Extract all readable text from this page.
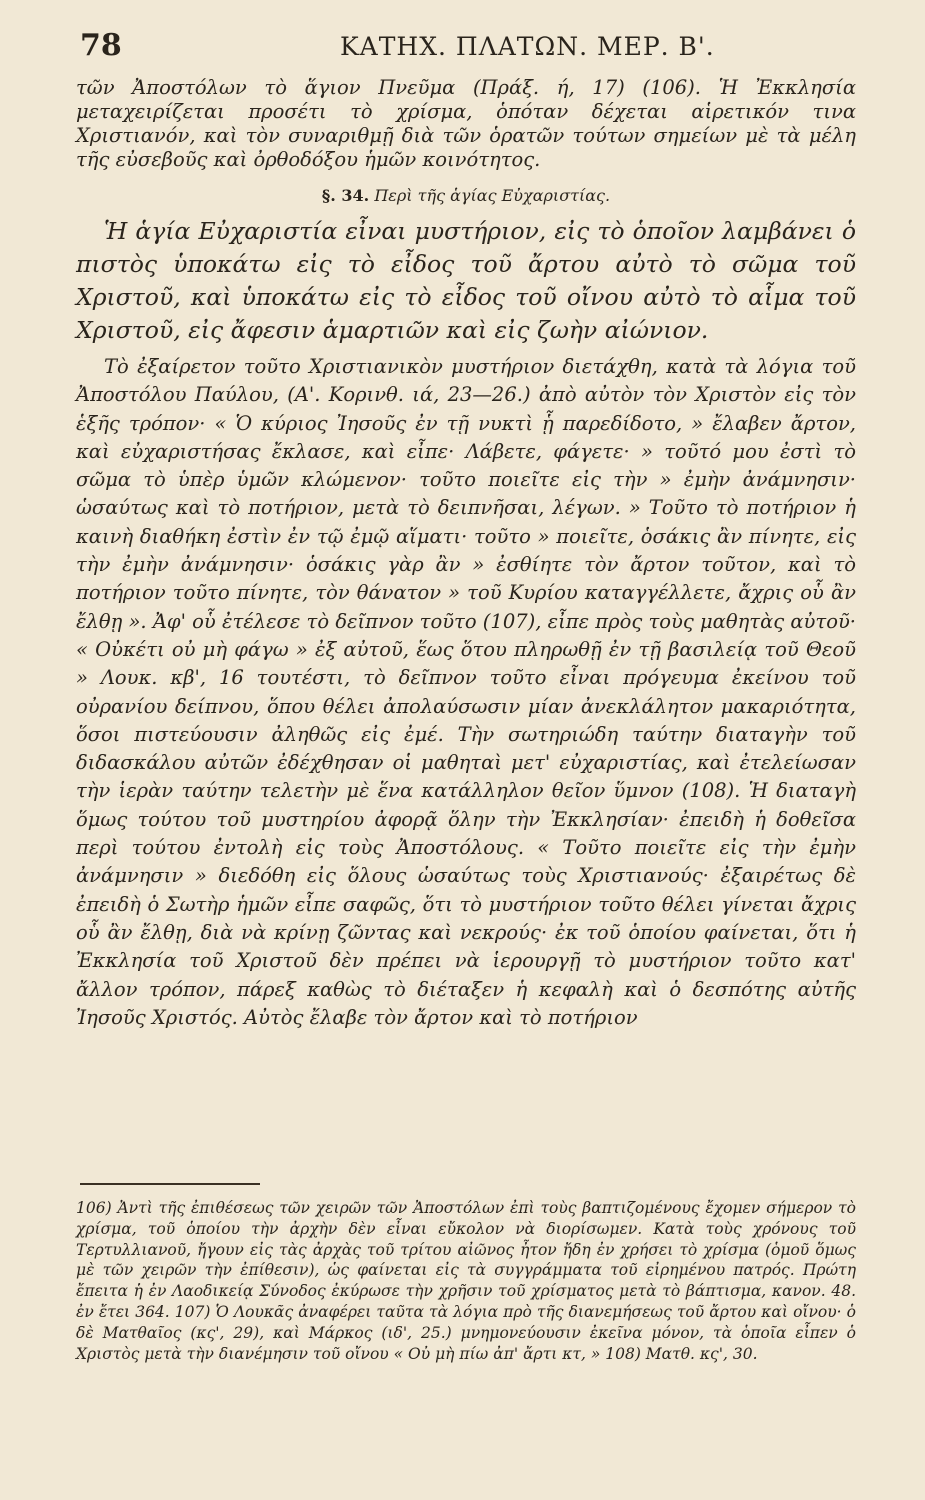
78	ΚΑΤΗΧ. ΠΛΑΤΩΝ. ΜΕΡ. Β'.

τῶν Ἀποστόλων τὸ ἅγιον Πνεῦμα (Πράξ. ή, 17) (106). Ἡ Ἐκκλησία μεταχειρίζεται προσέτι τὸ χρίσμα, ὁπόταν δέχεται αἱρετικόν τινα Χριστιανόν, καὶ τὸν συναριθμῇ διὰ τῶν ὁρατῶν τούτων σημείων μὲ τὰ μέλη τῆς εὐσεβοῦς καὶ ὀρθοδόξου ἡμῶν κοινότητος.

§. 34. Περὶ τῆς ἁγίας Εὐχαριστίας.

Ἡ ἁγία Εὐχαριστία εἶναι μυστήριον, εἰς τὸ ὁποῖον λαμβάνει ὁ πιστὸς ὑποκάτω εἰς τὸ εἶδος τοῦ ἄρτου αὐτὸ τὸ σῶμα τοῦ Χριστοῦ, καὶ ὑποκάτω εἰς τὸ εἶδος τοῦ οἴνου αὐτὸ τὸ αἷμα τοῦ Χριστοῦ, εἰς ἄφεσιν ἁμαρτιῶν καὶ εἰς ζωὴν αἰώνιον.

Τὸ ἐξαίρετον τοῦτο Χριστιανικὸν μυστήριον διετάχθη, κατὰ τὰ λόγια τοῦ Ἀποστόλου Παύλου, (Α'. Κορινθ. ιά, 23—26.) ἀπὸ αὐτὸν τὸν Χριστὸν εἰς τὸν ἑξῆς τρόπον· « Ὁ κύριος Ἰησοῦς ἐν τῇ νυκτὶ ᾗ παρεδίδοτο, » ἔλαβεν ἄρτον, καὶ εὐχαριστήσας ἔκλασε, καὶ εἶπε· Λάβετε, φάγετε· » τοῦτό μου ἐστὶ τὸ σῶμα τὸ ὑπὲρ ὑμῶν κλώμενον· τοῦτο ποιεῖτε εἰς τὴν » ἐμὴν ἀνάμνησιν· ὡσαύτως καὶ τὸ ποτήριον, μετὰ τὸ δειπνῆσαι, λέγων. » Τοῦτο τὸ ποτήριον ἡ καινὴ διαθήκη ἐστὶν ἐν τῷ ἐμῷ αἵματι· τοῦτο » ποιεῖτε, ὁσάκις ἂν πίνητε, εἰς τὴν ἐμὴν ἀνάμνησιν· ὁσάκις γὰρ ἂν » ἐσθίητε τὸν ἄρτον τοῦτον, καὶ τὸ ποτήριον τοῦτο πίνητε, τὸν θάνατον » τοῦ Κυρίου καταγγέλλετε, ἄχρις οὗ ἂν ἔλθῃ ». Ἀφ' οὗ ἐτέλεσε τὸ δεῖπνον τοῦτο (107), εἶπε πρὸς τοὺς μαθητὰς αὐτοῦ· « Οὐκέτι οὐ μὴ φάγω » ἐξ αὐτοῦ, ἕως ὅτου πληρωθῇ ἐν τῇ βασιλείᾳ τοῦ Θεοῦ » Λουκ. κβ', 16 τουτέστι, τὸ δεῖπνον τοῦτο εἶναι πρόγευμα ἐκείνου τοῦ οὐρανίου δείπνου, ὅπου θέλει ἀπολαύσωσιν μίαν ἀνεκλάλητον μακαριότητα, ὅσοι πιστεύουσιν ἀληθῶς εἰς ἐμέ. Τὴν σωτηριώδη ταύτην διαταγὴν τοῦ διδασκάλου αὐτῶν ἐδέχθησαν οἱ μαθηταὶ μετ' εὐχαριστίας, καὶ ἐτελείωσαν τὴν ἱερὰν ταύτην τελετὴν μὲ ἕνα κατάλληλον θεῖον ὕμνον (108). Ἡ διαταγὴ ὅμως τούτου τοῦ μυστηρίου ἀφορᾷ ὅλην τὴν Ἐκκλησίαν· ἐπειδὴ ἡ δοθεῖσα περὶ τούτου ἐντολὴ εἰς τοὺς Ἀποστόλους. « Τοῦτο ποιεῖτε εἰς τὴν ἐμὴν ἀνάμνησιν » διεδόθη εἰς ὅλους ὡσαύτως τοὺς Χριστιανούς· ἐξαιρέτως δὲ ἐπειδὴ ὁ Σωτὴρ ἡμῶν εἶπε σαφῶς, ὅτι τὸ μυστήριον τοῦτο θέλει γίνεται ἄχρις οὗ ἂν ἔλθῃ, διὰ νὰ κρίνῃ ζῶντας καὶ νεκρούς· ἐκ τοῦ ὁποίου φαίνεται, ὅτι ἡ Ἐκκλησία τοῦ Χριστοῦ δὲν πρέπει νὰ ἱερουργῇ τὸ μυστήριον τοῦτο κατ' ἄλλον τρόπον, πάρεξ καθὼς τὸ διέταξεν ἡ κεφαλὴ καὶ ὁ δεσπότης αὐτῆς Ἰησοῦς Χριστός. Αὐτὸς ἔλαβε τὸν ἄρτον καὶ τὸ ποτήριον

106) Ἀντὶ τῆς ἐπιθέσεως τῶν χειρῶν τῶν Ἀποστόλων ἐπὶ τοὺς βαπτιζομένους ἔχομεν σήμερον τὸ χρίσμα, τοῦ ὁποίου τὴν ἀρχὴν δὲν εἶναι εὔκολον νὰ διορίσωμεν. Κατὰ τοὺς χρόνους τοῦ Τερτυλλιανοῦ, ἤγουν εἰς τὰς ἀρχὰς τοῦ τρίτου αἰῶνος ἦτον ἤδη ἐν χρήσει τὸ χρίσμα (ὁμοῦ ὅμως μὲ τῶν χειρῶν τὴν ἐπίθεσιν), ὡς φαίνεται εἰς τὰ συγγράμματα τοῦ εἰρημένου πατρός. Πρώτη ἔπειτα ἡ ἐν Λαοδικείᾳ Σύνοδος ἐκύρωσε τὴν χρῆσιν τοῦ χρίσματος μετὰ τὸ βάπτισμα, κανον. 48. ἐν ἔτει 364. 107) Ὁ Λουκᾶς ἀναφέρει ταῦτα τὰ λόγια πρὸ τῆς διανεμήσεως τοῦ ἄρτου καὶ οἴνου· ὁ δὲ Ματθαῖος (κς', 29), καὶ Μάρκος (ιδ', 25.) μνημονεύουσιν ἐκεῖνα μόνον, τὰ ὁποῖα εἶπεν ὁ Χριστὸς μετὰ τὴν διανέμησιν τοῦ οἴνου « Οὐ μὴ πίω ἀπ' ἄρτι κτ, » 108) Ματθ. κς', 30.
